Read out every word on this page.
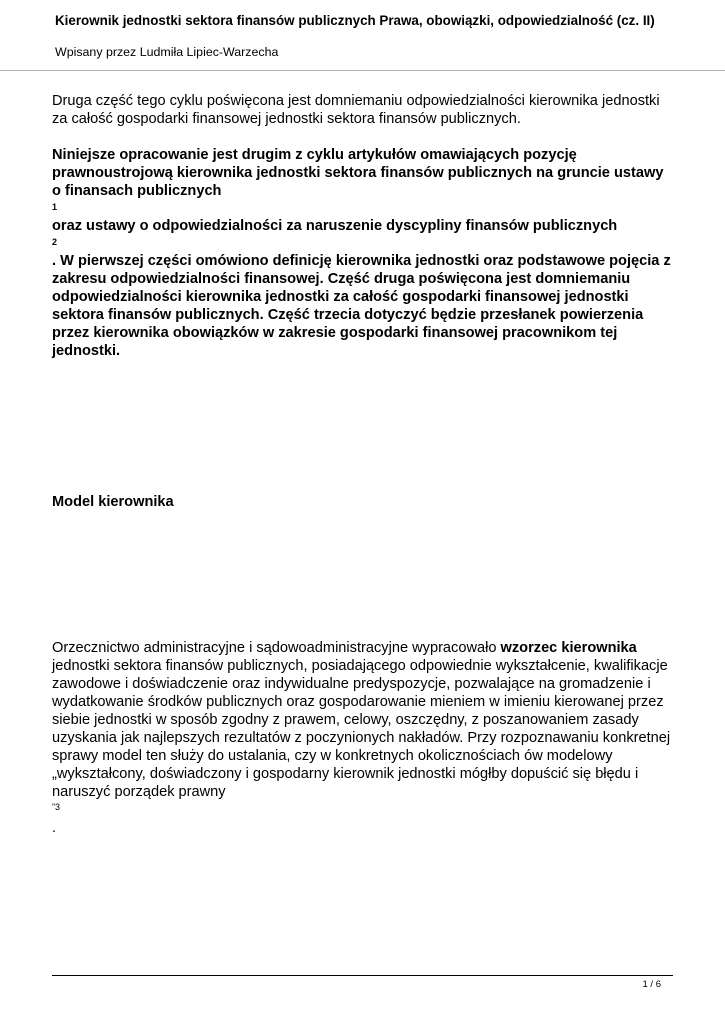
Kierownik jednostki sektora finansów publicznych Prawa, obowiązki, odpowiedzialność (cz. II)
Wpisany przez Ludmiła Lipiec-Warzecha

Druga część tego cyklu poświęcona jest domniemaniu odpowiedzialności kierownika jednostki
za całość gospodarki finansowej jednostki sektora finansów publicznych.

Niniejsze opracowanie jest drugim z cyklu artykułów omawiających pozycję
prawnoustrojową kierownika jednostki sektora finansów publicznych na gruncie ustawy
o finansach publicznych

1

oraz ustawy o odpowiedzialności za naruszenie dyscypliny finansów publicznych

2

. W pierwszej części omówiono definicję kierownika jednostki oraz podstawowe pojęcia z
zakresu odpowiedzialności finansowej. Część druga poświęcona jest domniemaniu
odpowiedzialności kierownika jednostki za całość gospodarki finansowej jednostki
sektora finansów publicznych. Część trzecia dotyczyć będzie przesłanek powierzenia
przez kierownika obowiązków w zakresie gospodarki finansowej pracownikom tej
jednostki.

Model kierownika

Orzecznictwo administracyjne i sądowoadministracyjne wypracowało wzorzec kierownika
jednostki sektora finansów publicznych, posiadającego odpowiednie wykształcenie, kwalifikacje
zawodowe i doświadczenie oraz indywidualne predyspozycje, pozwalające na gromadzenie i
wydatkowanie środków publicznych oraz gospodarowanie mieniem w imieniu kierowanej przez
siebie jednostki w sposób zgodny z prawem, celowy, oszczędny, z poszanowaniem zasady
uzyskania jak najlepszych rezultatów z poczynionych nakładów. Przy rozpoznawaniu konkretnej
sprawy model ten służy do ustalania, czy w konkretnych okolicznościach ów modelowy
„wykształcony, doświadczony i gospodarny kierownik jednostki mógłby dopuścić się błędu i
naruszyć porządek prawny

”3

.

1 / 6
